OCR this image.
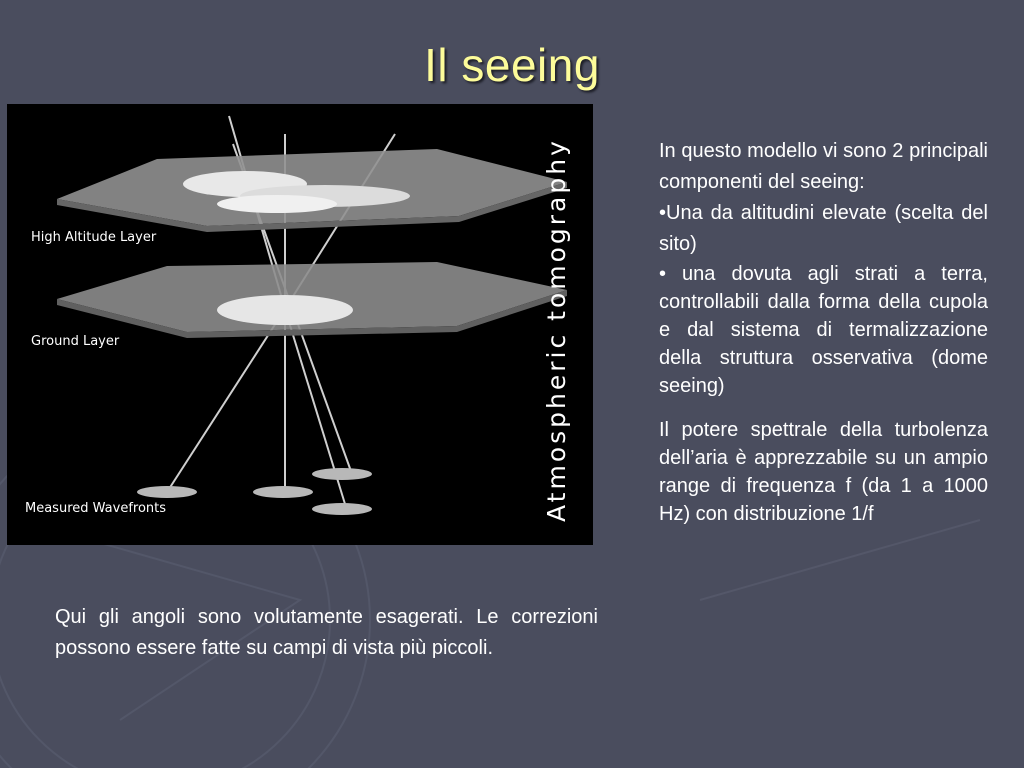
Il seeing
High Altitude Layer
Ground Layer
Measured Wavefronts	Atmospheric tomography	In questo modello vi sono 2 principali componenti del seeing:

•Una da altitudini elevate (scelta del sito)

• una dovuta agli strati a terra, controllabili dalla forma della cupola e dal sistema di termalizzazione della struttura osservativa (dome seeing)

Il potere spettrale della turbolenza dell’aria è apprezzabile su un ampio range di frequenza f (da 1 a 1000 Hz) con distribuzione 1/f

Qui gli angoli sono volutamente esagerati. Le correzioni possono essere fatte su campi di vista più piccoli.
